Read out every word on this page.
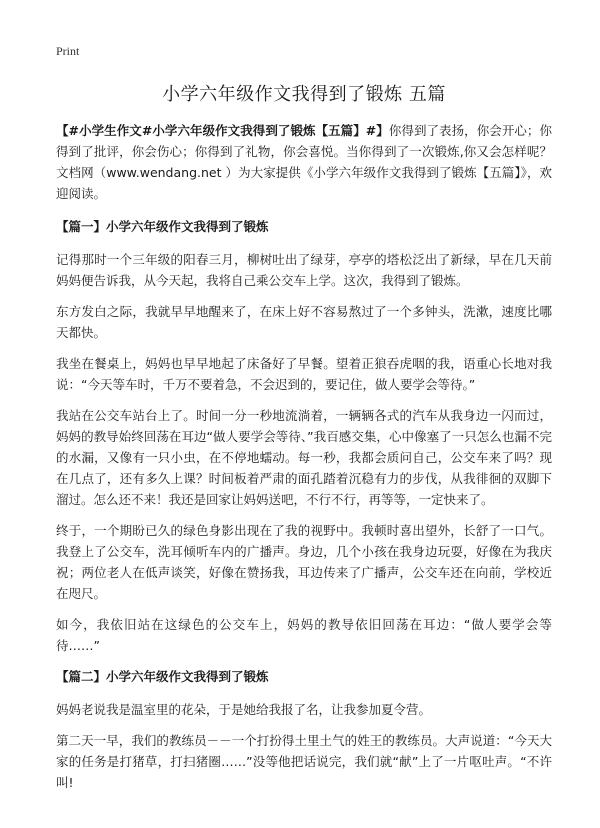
Print
小学六年级作文我得到了锻炼 五篇

【#小学生作文#小学六年级作文我得到了锻炼【五篇】#】你得到了表扬，你会开心；你得到了批评，你会伤心；你得到了礼物，你会喜悦。当你得到了一次锻炼,你又会怎样呢？文档网（www.wendang.net ）为大家提供《小学六年级作文我得到了锻炼【五篇】》，欢迎阅读。

【篇一】小学六年级作文我得到了锻炼

记得那时一个三年级的阳春三月，柳树吐出了绿芽，亭亭的塔松泛出了新绿，早在几天前妈妈便告诉我，从今天起，我将自己乘公交车上学。这次，我得到了锻炼。

东方发白之际，我就早早地醒来了，在床上好不容易熬过了一个多钟头，洗漱，速度比哪天都快。

我坐在餐桌上，妈妈也早早地起了床备好了早餐。望着正狼吞虎咽的我，语重心长地对我说：“今天等车时，千万不要着急，不会迟到的，要记住，做人要学会等待。”

我站在公交车站台上了。时间一分一秒地流淌着，一辆辆各式的汽车从我身边一闪而过，妈妈的教导始终回荡在耳边“做人要学会等待、”我百感交集，心中像塞了一只怎么也漏不完的水漏，又像有一只小虫，在不停地蠕动。每一秒，我都会质问自己，公交车来了吗？现在几点了，还有多久上课？时间板着严肃的面孔踏着沉稳有力的步伐，从我徘徊的双脚下溜过。怎么还不来！我还是回家让妈妈送吧，不行不行，再等等，一定快来了。

终于，一个期盼已久的绿色身影出现在了我的视野中。我顿时喜出望外，长舒了一口气。我登上了公交车，洗耳倾听车内的广播声。身边，几个小孩在我身边玩耍，好像在为我庆祝；两位老人在低声谈笑，好像在赞扬我，耳边传来了广播声，公交车还在向前，学校近在咫尺。

如今，我依旧站在这绿色的公交车上，妈妈的教导依旧回荡在耳边：“做人要学会等待……”

【篇二】小学六年级作文我得到了锻炼

妈妈老说我是温室里的花朵，于是她给我报了名，让我参加夏令营。

第二天一早，我们的教练员－－一个打扮得土里土气的姓王的教练员。大声说道：“今天大家的任务是打猪草，打扫猪圈……”没等他把话说完，我们就“献”上了一片呕吐声。“不许叫!
